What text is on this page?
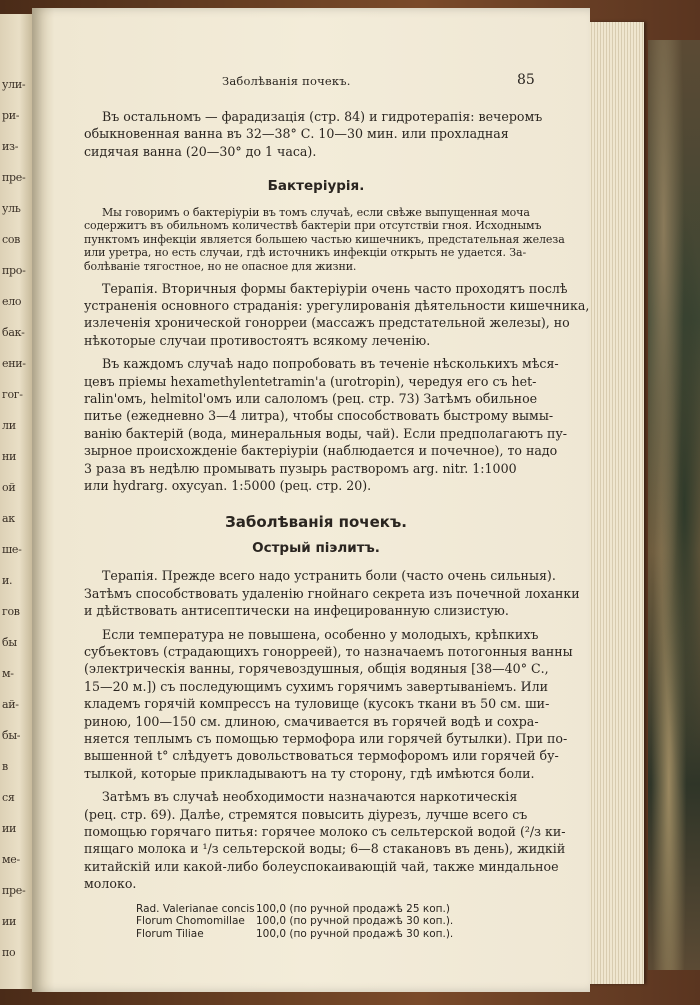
ули-
ри-
из-
пре-
уль
сов
про-
ело
бак-
ени-
гог-
ли
ни
ой
ак
ше-
и.
гов
бы
м-
ай-
бы-
в
ся
ии
ме-
пре-
ии
по
Заболѣванія почекъ.	85
Въ остальномъ — фарадизація (стр. 84) и гидротерапія: вечеромъ
обыкновенная ванна въ 32—38° С. 10—30 мин. или прохладная
сидячая ванна (20—30° до 1 часа).
Бактеріурія.
Мы говоримъ о бактеріуріи въ томъ случаѣ, если свѣже выпущенная моча
содержитъ въ обильномъ количествѣ бактеріи при отсутствіи гноя. Исходнымъ
пунктомъ инфекціи является большею частью кишечникъ, предстательная железа
или уретра, но есть случаи, гдѣ источникъ инфекціи открыть не удается. За-
болѣваніе тягостное, но не опасное для жизни.
Терапія. Вторичныя формы бактеріуріи очень часто проходятъ послѣ
устраненія основного страданія: урегулированія дѣятельности кишечника,
излеченія хронической гонорреи (массажъ предстательной железы), но
нѣкоторые случаи противостоятъ всякому леченію.
Въ каждомъ случаѣ надо попробовать въ теченіе нѣсколькихъ мѣся-
цевъ пріемы hexamethylentetramin'a (urotropin), чередуя его съ het-
ralin'омъ, helmitol'омъ или салоломъ (рец. стр. 73) Затѣмъ обильное
питье (ежедневно 3—4 литра), чтобы способствовать быстрому вымы-
ванію бактерій (вода, минеральныя воды, чай). Если предполагаютъ пу-
зырное происхожденіе бактеріуріи (наблюдается и почечное), то надо
3 раза въ недѣлю промывать пузырь растворомъ arg. nitr. 1:1000
или hydrarg. oxycyan. 1:5000 (рец. стр. 20).
Заболѣванія почекъ.
Острый піэлитъ.
Терапія. Прежде всего надо устранить боли (часто очень сильныя).
Затѣмъ способствовать удаленію гнойнаго секрета изъ почечной лоханки
и дѣйствовать антисептически на инфецированную слизистую.
Если температура не повышена, особенно у молодыхъ, крѣпкихъ
субъектовъ (страдающихъ гонорреей), то назначаемъ потогонныя ванны
(электрическія ванны, горячевоздушныя, общія водяныя [38—40° С.,
15—20 м.]) съ последующимъ сухимъ горячимъ завертываніемъ. Или
кладемъ горячій компрессъ на туловище (кусокъ ткани въ 50 см. ши-
риною, 100—150 см. длиною, смачивается въ горячей водѣ и сохра-
няется теплымъ съ помощью термофора или горячей бутылки). При по-
вышенной t° слѣдуетъ довольствоваться термофоромъ или горячей бу-
тылкой, которые прикладываютъ на ту сторону, гдѣ имѣются боли.
Затѣмъ въ случаѣ необходимости назначаются наркотическія
(рец. стр. 69). Далѣе, стремятся повысить діурезъ, лучше всего съ
помощью горячаго питья: горячее молоко съ сельтерской водой (²/з ки-
пящаго молока и ¹/з сельтерской воды; 6—8 стакановъ въ день), жидкій
китайскій или какой-либо болеуспокаивающій чай, также миндальное
молоко.
Rad. Valerianae concis 100,0 (по ручной продажѣ 25 коп.)
Florum Chomomillae	100,0 (по ручной продажѣ 30 коп.).
Florum Tiliae	100,0 (по ручной продажѣ 30 коп.).
